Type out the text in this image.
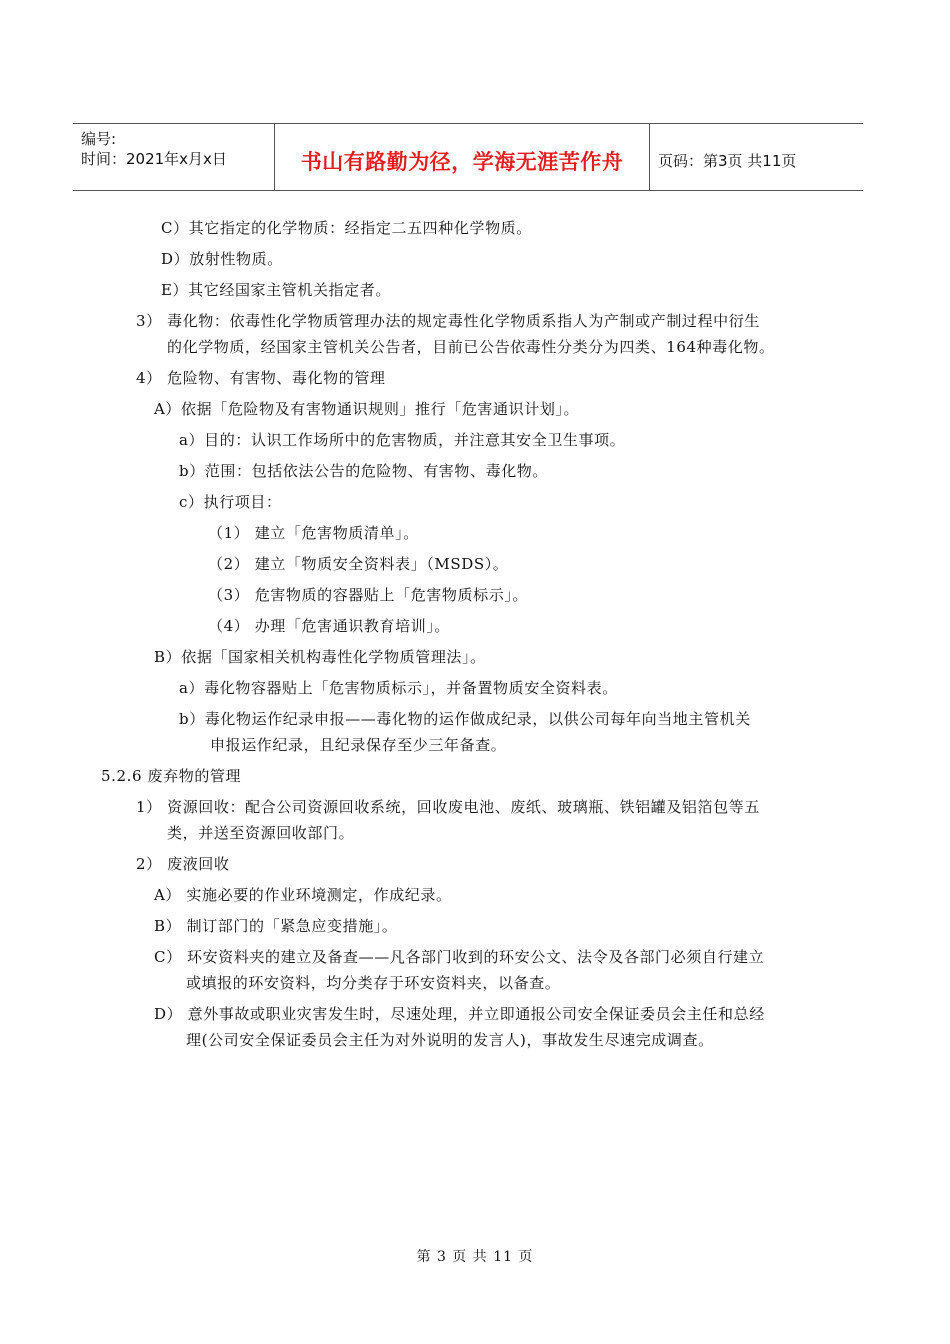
编号:
时间：2021年x月x日	书山有路勤为径，学海无涯苦作舟	页码：第3页 共11页
C）其它指定的化学物质：经指定二五四种化学物质。
D）放射性物质。
E）其它经国家主管机关指定者。
3） 毒化物：依毒性化学物质管理办法的规定毒性化学物质系指人为产制或产制过程中衍生
的化学物质，经国家主管机关公告者，目前已公告依毒性分类分为四类、164种毒化物。
4） 危险物、有害物、毒化物的管理
A）依据「危险物及有害物通识规则」推行「危害通识计划」。
a）目的：认识工作场所中的危害物质，并注意其安全卫生事项。
b）范围：包括依法公告的危险物、有害物、毒化物。
c）执行项目：
（1） 建立「危害物质清单」。
（2） 建立「物质安全资料表」（MSDS）。
（3） 危害物质的容器贴上「危害物质标示」。
（4） 办理「危害通识教育培训」。
B）依据「国家相关机构毒性化学物质管理法」。
a）毒化物容器贴上「危害物质标示」，并备置物质安全资料表。
b）毒化物运作纪录申报——毒化物的运作做成纪录，以供公司每年向当地主管机关
申报运作纪录，且纪录保存至少三年备查。
5.2.6 废弃物的管理
1） 资源回收：配合公司资源回收系统，回收废电池、废纸、玻璃瓶、铁铝罐及铝箔包等五
类，并送至资源回收部门。
2） 废液回收
A） 实施必要的作业环境测定，作成纪录。
B） 制订部门的「紧急应变措施」。
C） 环安资料夹的建立及备查——凡各部门收到的环安公文、法令及各部门必须自行建立
或填报的环安资料，均分类存于环安资料夹，以备查。
D） 意外事故或职业灾害发生时，尽速处理，并立即通报公司安全保证委员会主任和总经
理(公司安全保证委员会主任为对外说明的发言人)，事故发生尽速完成调查。
第 3 页 共 11 页
